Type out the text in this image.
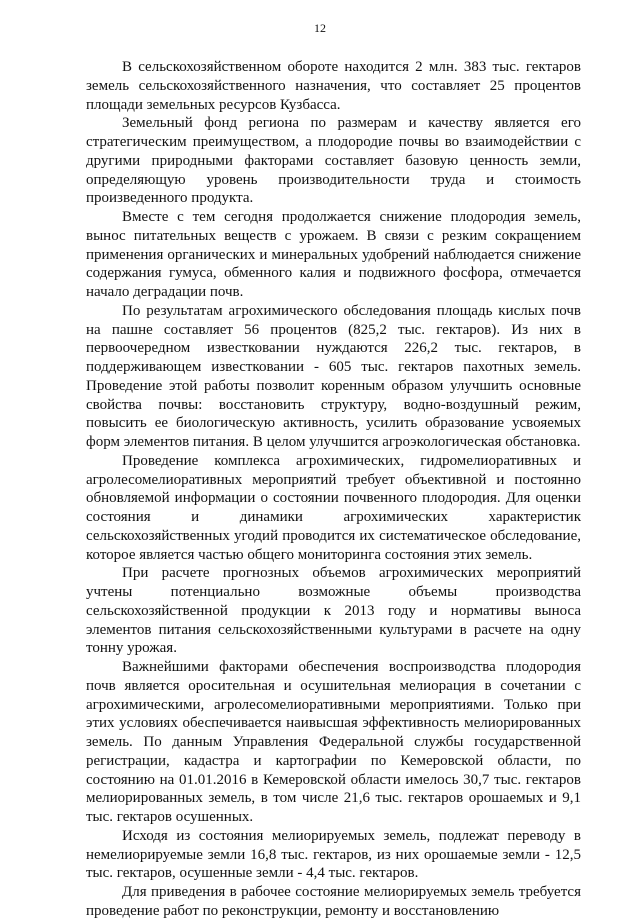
12

В сельскохозяйственном обороте находится 2 млн. 383 тыс. гектаров земель сельскохозяйственного назначения, что составляет 25 процентов площади земельных ресурсов Кузбасса.

Земельный фонд региона по размерам и качеству является его стратегическим преимуществом, а плодородие почвы во взаимодействии с другими природными факторами составляет базовую ценность земли, определяющую уровень производительности труда и стоимость произведенного продукта.

Вместе с тем сегодня продолжается снижение плодородия земель, вынос питательных веществ с урожаем. В связи с резким сокращением применения органических и минеральных удобрений наблюдается снижение содержания гумуса, обменного калия и подвижного фосфора, отмечается начало деградации почв.

По результатам агрохимического обследования площадь кислых почв на пашне составляет 56 процентов (825,2 тыс. гектаров). Из них в первоочередном известковании нуждаются 226,2 тыс. гектаров, в поддерживающем известковании - 605 тыс. гектаров пахотных земель. Проведение этой работы позволит коренным образом улучшить основные свойства почвы: восстановить структуру, водно-воздушный режим, повысить ее биологическую активность, усилить образование усвояемых форм элементов питания. В целом улучшится агроэкологическая обстановка.

Проведение комплекса агрохимических, гидромелиоративных и агролесомелиоративных мероприятий требует объективной и постоянно обновляемой информации о состоянии почвенного плодородия. Для оценки состояния и динамики агрохимических характеристик сельскохозяйственных угодий проводится их систематическое обследование, которое является частью общего мониторинга состояния этих земель.

При расчете прогнозных объемов агрохимических мероприятий учтены потенциально возможные объемы производства сельскохозяйственной продукции к 2013 году и нормативы выноса элементов питания сельскохозяйственными культурами в расчете на одну тонну урожая.

Важнейшими факторами обеспечения воспроизводства плодородия почв является оросительная и осушительная мелиорация в сочетании с агрохимическими, агролесомелиоративными мероприятиями. Только при этих условиях обеспечивается наивысшая эффективность мелиорированных земель. По данным Управления Федеральной службы государственной регистрации, кадастра и картографии по Кемеровской области, по состоянию на 01.01.2016 в Кемеровской области имелось 30,7 тыс. гектаров мелиорированных земель, в том числе 21,6 тыс. гектаров орошаемых и 9,1 тыс. гектаров осушенных.

Исходя из состояния мелиорируемых земель, подлежат переводу в немелиорируемые земли 16,8 тыс. гектаров, из них орошаемые земли - 12,5 тыс. гектаров, осушенные земли - 4,4 тыс. гектаров.

Для приведения в рабочее состояние мелиорируемых земель требуется проведение работ по реконструкции, ремонту и восстановлению
